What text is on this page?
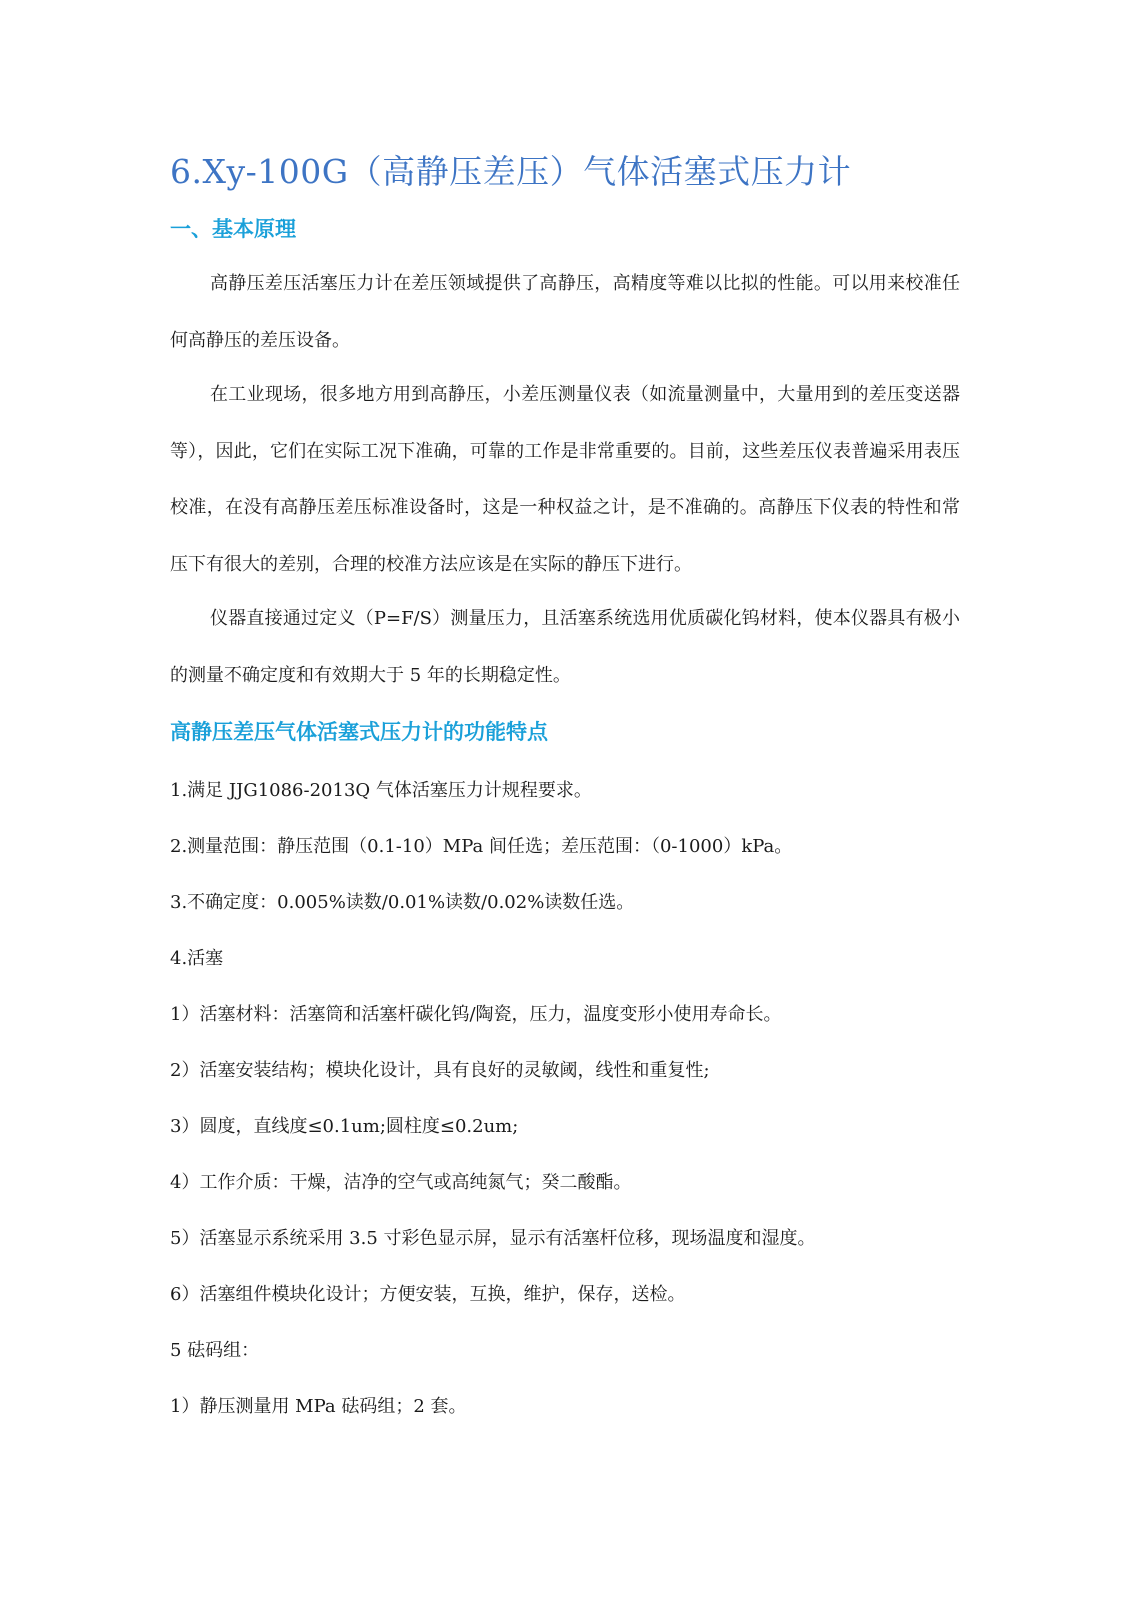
6.Xy-100G（高静压差压）气体活塞式压力计
一、基本原理

高静压差压活塞压力计在差压领域提供了高静压，高精度等难以比拟的性能。可以用来校准任何高静压的差压设备。

在工业现场，很多地方用到高静压，小差压测量仪表（如流量测量中，大量用到的差压变送器等），因此，它们在实际工况下准确，可靠的工作是非常重要的。目前，这些差压仪表普遍采用表压校准，在没有高静压差压标准设备时，这是一种权益之计，是不准确的。高静压下仪表的特性和常压下有很大的差别，合理的校准方法应该是在实际的静压下进行。

仪器直接通过定义（P=F/S）测量压力，且活塞系统选用优质碳化钨材料，使本仪器具有极小的测量不确定度和有效期大于 5 年的长期稳定性。

高静压差压气体活塞式压力计的功能特点

1.满足 JJG1086-2013Q 气体活塞压力计规程要求。

2.测量范围：静压范围（0.1-10）MPa 间任选；差压范围：（0-1000）kPa。

3.不确定度：0.005%读数/0.01%读数/0.02%读数任选。

4.活塞

1）活塞材料：活塞筒和活塞杆碳化钨/陶瓷，压力，温度变形小使用寿命长。

2）活塞安装结构；模块化设计，具有良好的灵敏阈，线性和重复性;

3）圆度，直线度≤0.1um;圆柱度≤0.2um;

4）工作介质：干燥，洁净的空气或高纯氮气；癸二酸酯。

5）活塞显示系统采用 3.5 寸彩色显示屏，显示有活塞杆位移，现场温度和湿度。

6）活塞组件模块化设计；方便安装，互换，维护，保存，送检。

5 砝码组：

1）静压测量用 MPa 砝码组；2 套。
